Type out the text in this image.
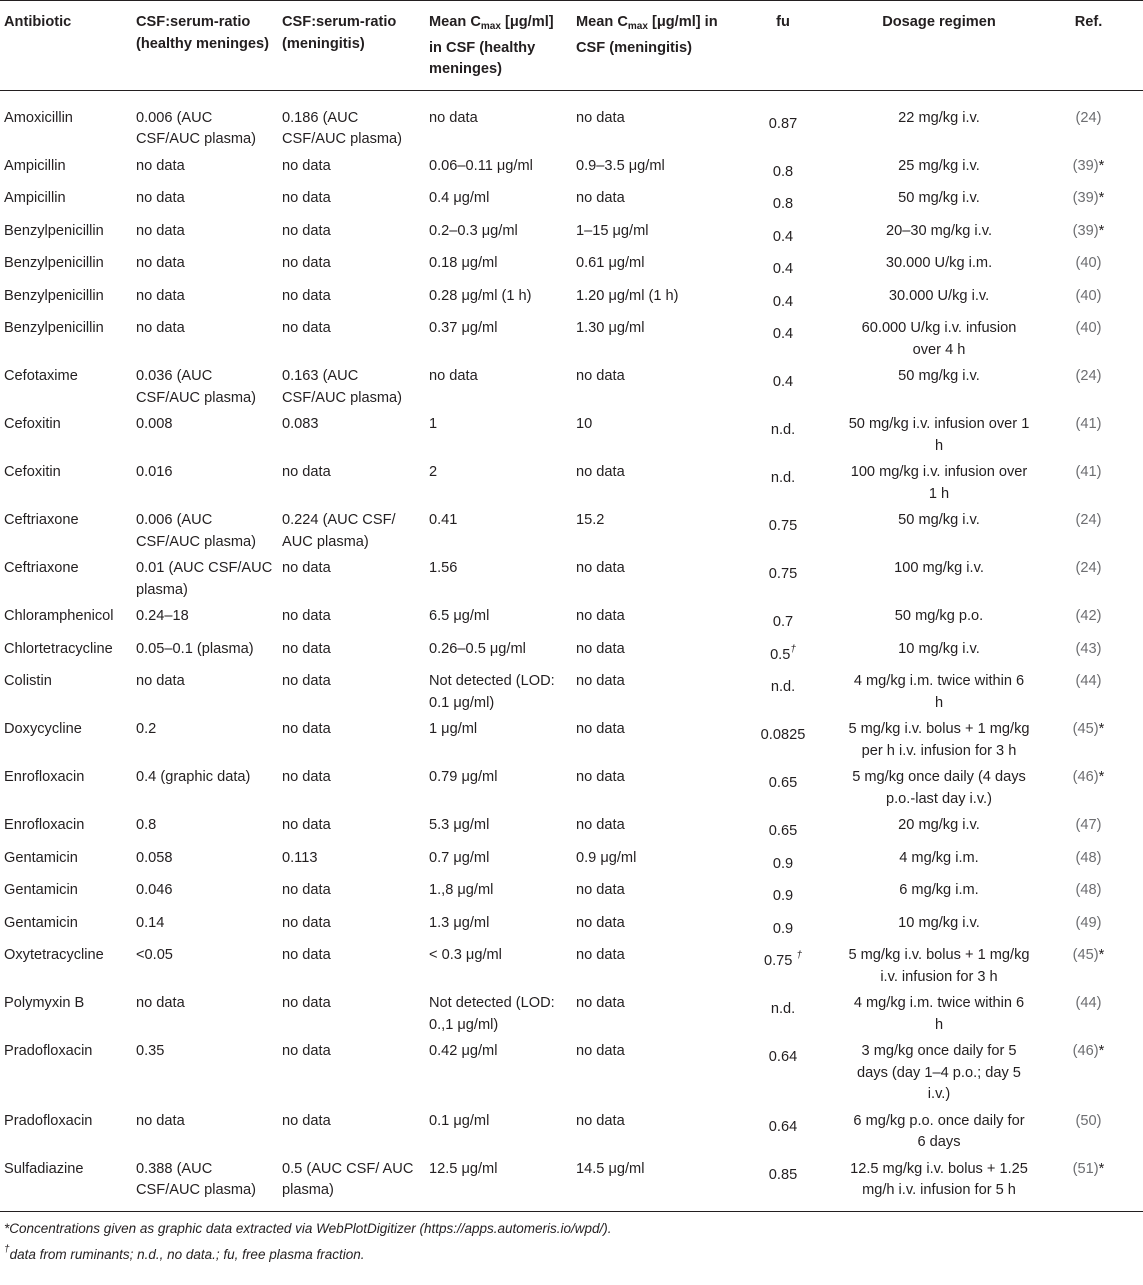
Antibiotic	CSF:serum-ratio (healthy meninges)	CSF:serum-ratio (meningitis)	Mean $C_{max}$ [μg/ml] in CSF (healthy meninges)	Mean $C_{max}$ [μg/ml] in CSF (meningitis)	fu	Dosage regimen	Ref.
Amoxicillin	0.006 (AUC CSF/AUC plasma)	0.186 (AUC CSF/AUC plasma)	no data	no data	0.87	22 mg/kg i.v.	(24)
Ampicillin	no data	no data	0.06–0.11 μg/ml	0.9–3.5 μg/ml	0.8	25 mg/kg i.v.	(39)*
Ampicillin	no data	no data	0.4 μg/ml	no data	0.8	50 mg/kg i.v.	(39)*
Benzylpenicillin	no data	no data	0.2–0.3 μg/ml	1–15 μg/ml	0.4	20–30 mg/kg i.v.	(39)*
Benzylpenicillin	no data	no data	0.18 μg/ml	0.61 μg/ml	0.4	30.000 U/kg i.m.	(40)
Benzylpenicillin	no data	no data	0.28 μg/ml (1 h)	1.20 μg/ml (1 h)	0.4	30.000 U/kg i.v.	(40)
Benzylpenicillin	no data	no data	0.37 μg/ml	1.30 μg/ml	0.4	60.000 U/kg i.v. infusion over 4 h	(40)
Cefotaxime	0.036 (AUC CSF/AUC plasma)	0.163 (AUC CSF/AUC plasma)	no data	no data	0.4	50 mg/kg i.v.	(24)
Cefoxitin	0.008	0.083	1	10	n.d.	50 mg/kg i.v. infusion over 1 h	(41)
Cefoxitin	0.016	no data	2	no data	n.d.	100 mg/kg i.v. infusion over 1 h	(41)
Ceftriaxone	0.006 (AUC CSF/AUC plasma)	0.224 (AUC CSF/ AUC plasma)	0.41	15.2	0.75	50 mg/kg i.v.	(24)
Ceftriaxone	0.01 (AUC CSF/AUC plasma)	no data	1.56	no data	0.75	100 mg/kg i.v.	(24)
Chloramphenicol	0.24–18	no data	6.5 μg/ml	no data	0.7	50 mg/kg p.o.	(42)
Chlortetracycline	0.05–0.1 (plasma)	no data	0.26–0.5 μg/ml	no data	0.5†	10 mg/kg i.v.	(43)
Colistin	no data	no data	Not detected (LOD: 0.1 μg/ml)	no data	n.d.	4 mg/kg i.m. twice within 6 h	(44)
Doxycycline	0.2	no data	1 μg/ml	no data	0.0825	5 mg/kg i.v. bolus + 1 mg/kg per h i.v. infusion for 3 h	(45)*
Enrofloxacin	0.4 (graphic data)	no data	0.79 μg/ml	no data	0.65	5 mg/kg once daily (4 days p.o.-last day i.v.)	(46)*
Enrofloxacin	0.8	no data	5.3 μg/ml	no data	0.65	20 mg/kg i.v.	(47)
Gentamicin	0.058	0.113	0.7 μg/ml	0.9 μg/ml	0.9	4 mg/kg i.m.	(48)
Gentamicin	0.046	no data	1.,8 μg/ml	no data	0.9	6 mg/kg i.m.	(48)
Gentamicin	0.14	no data	1.3 μg/ml	no data	0.9	10 mg/kg i.v.	(49)
Oxytetracycline	<0.05	no data	< 0.3 μg/ml	no data	0.75 †	5 mg/kg i.v. bolus + 1 mg/kg i.v. infusion for 3 h	(45)*
Polymyxin B	no data	no data	Not detected (LOD: 0.,1 μg/ml)	no data	n.d.	4 mg/kg i.m. twice within 6 h	(44)
Pradofloxacin	0.35	no data	0.42 μg/ml	no data	0.64	3 mg/kg once daily for 5 days (day 1–4 p.o.; day 5 i.v.)	(46)*
Pradofloxacin	no data	no data	0.1 μg/ml	no data	0.64	6 mg/kg p.o. once daily for 6 days	(50)
Sulfadiazine	0.388 (AUC CSF/AUC plasma)	0.5 (AUC CSF/ AUC plasma)	12.5 μg/ml	14.5 μg/ml	0.85	12.5 mg/kg i.v. bolus + 1.25 mg/h i.v. infusion for 5 h	(51)*
*Concentrations given as graphic data extracted via WebPlotDigitizer (https://apps.automeris.io/wpd/).
†data from ruminants; n.d., no data.; fu, free plasma fraction.
